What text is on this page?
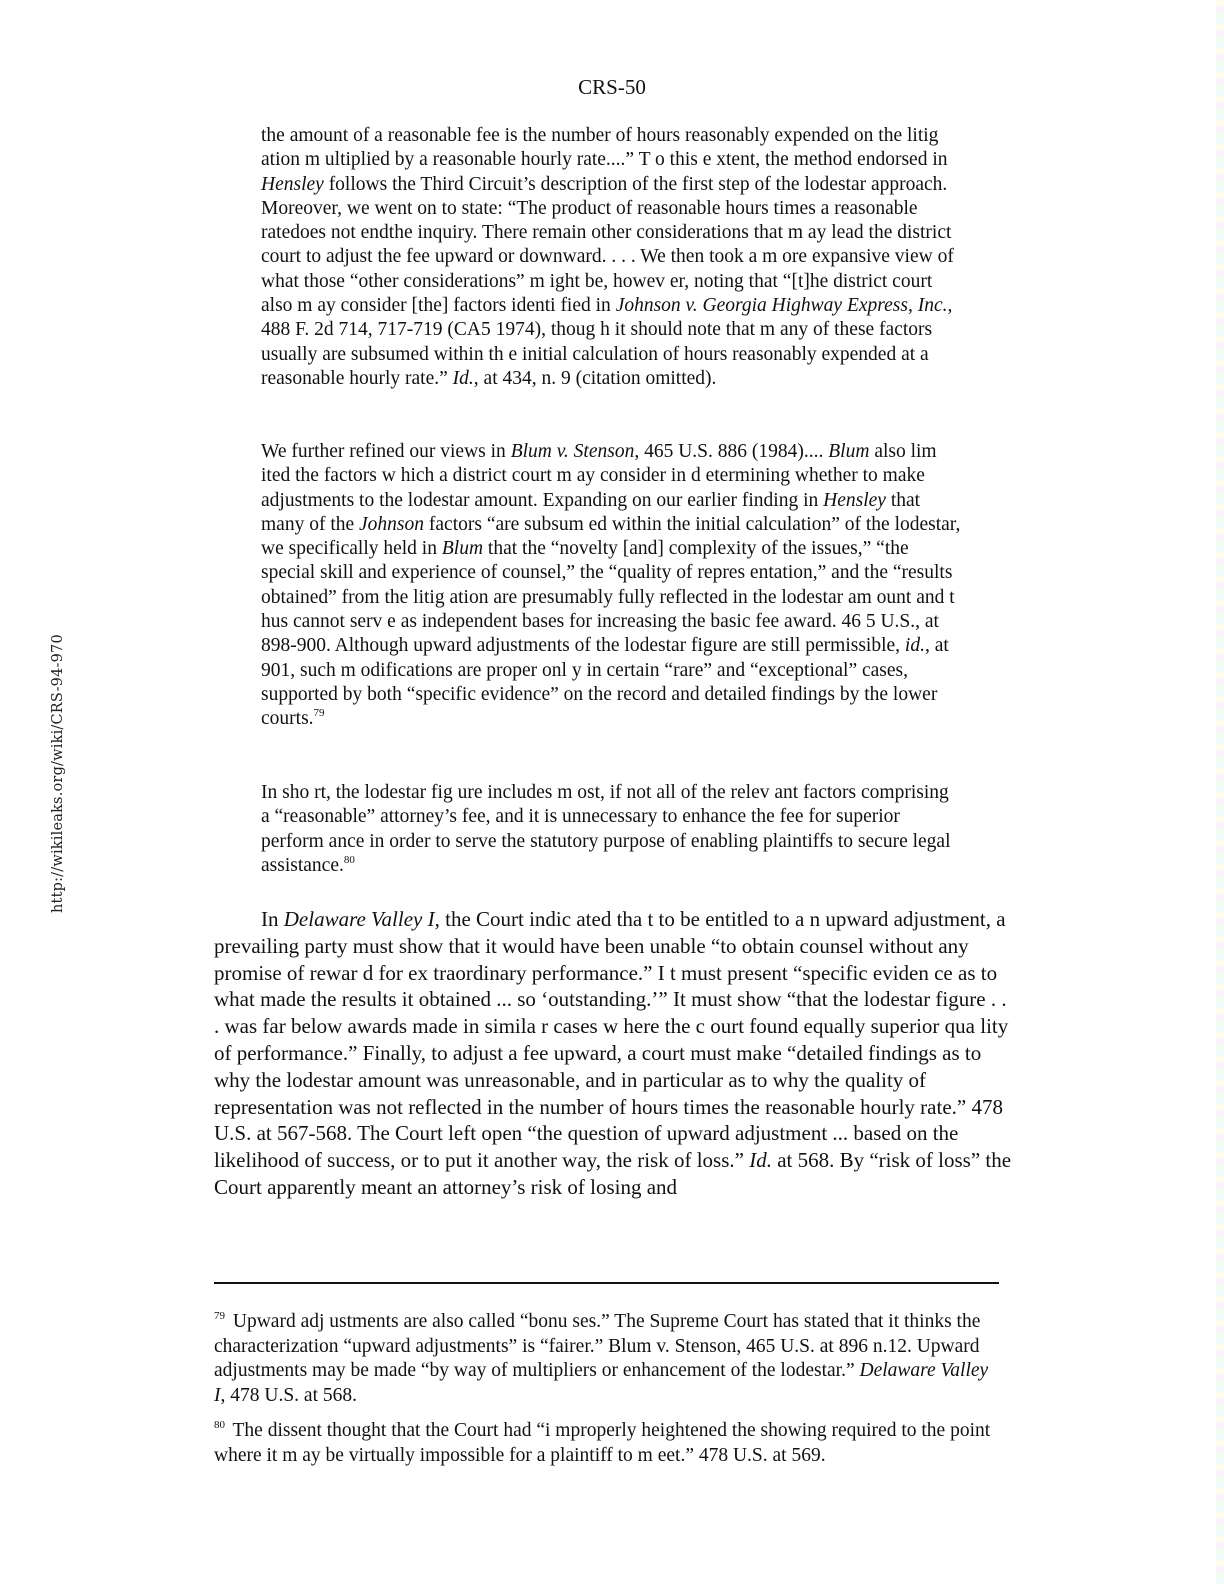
CRS-50
http://wikileaks.org/wiki/CRS-94-970

the amount of a reasonable fee is the number of hours reasonably expended on the litig ation m ultiplied by a reasonable hourly rate....” T o this e xtent, the method endorsed in Hensley follows the Third Circuit’s description of the first step of the lodestar approach. Moreover, we went on to state: “The product of reasonable hours times a reasonable ratedoes not endthe inquiry. There remain other considerations that m ay lead the district court to adjust the fee upward or downward. . . . We then took a m ore expansive view of what those “other considerations” m ight be, howev er, noting that “[t]he district court also m ay consider [the] factors identi fied in Johnson v. Georgia Highway Express, Inc., 488 F. 2d 714, 717-719 (CA5 1974), thoug h it should note that m any of these factors usually are subsumed within th e initial calculation of hours reasonably expended at a reasonable hourly rate.” Id., at 434, n. 9 (citation omitted).

We further refined our views in Blum v. Stenson, 465 U.S. 886 (1984).... Blum also lim ited the factors w hich a district court m ay consider in d etermining whether to make adjustments to the lodestar amount. Expanding on our earlier finding in Hensley that many of the Johnson factors “are subsum ed within the initial calculation” of the lodestar, we specifically held in Blum that the “novelty [and] complexity of the issues,” “the special skill and experience of counsel,” the “quality of repres entation,” and the “results obtained” from the litig ation are presumably fully reflected in the lodestar am ount and t hus cannot serv e as independent bases for increasing the basic fee award. 46 5 U.S., at 898-900. Although upward adjustments of the lodestar figure are still permissible, id., at 901, such m odifications are proper onl y in certain “rare” and “exceptional” cases, supported by both “specific evidence” on the record and detailed findings by the lower courts.$^{79}$

In sho rt, the lodestar fig ure includes m ost, if not all of the relev ant factors comprising a “reasonable” attorney’s fee, and it is unnecessary to enhance the fee for superior perform ance in order to serve the statutory purpose of enabling plaintiffs to secure legal assistance.$^{80}$

In Delaware Valley I, the Court indic ated tha t to be entitled to a n upward adjustment, a prevailing party must show that it would have been unable “to obtain counsel without any promise of rewar d for ex traordinary performance.” I t must present “specific eviden ce as to what made the results it obtained ... so ‘outstanding.’” It must show “that the lodestar figure . . . was far below awards made in simila r cases w here the c ourt found equally superior qua lity of performance.” Finally, to adjust a fee upward, a court must make “detailed findings as to why the lodestar amount was unreasonable, and in particular as to why the quality of representation was not reflected in the number of hours times the reasonable hourly rate.” 478 U.S. at 567-568. The Court left open “the question of upward adjustment ... based on the likelihood of success, or to put it another way, the risk of loss.” Id. at 568. By “risk of loss” the Court apparently meant an attorney’s risk of losing and

$^{79}$ Upward adj ustments are also called “bonu ses.” The Supreme Court has stated that it thinks the characterization “upward adjustments” is “fairer.” Blum v. Stenson, 465 U.S. at 896 n.12. Upward adjustments may be made “by way of multipliers or enhancement of the lodestar.” Delaware Valley I, 478 U.S. at 568.

$^{80}$ The dissent thought that the Court had “i mproperly heightened the showing required to the point where it m ay be virtually impossible for a plaintiff to m eet.” 478 U.S. at 569.
